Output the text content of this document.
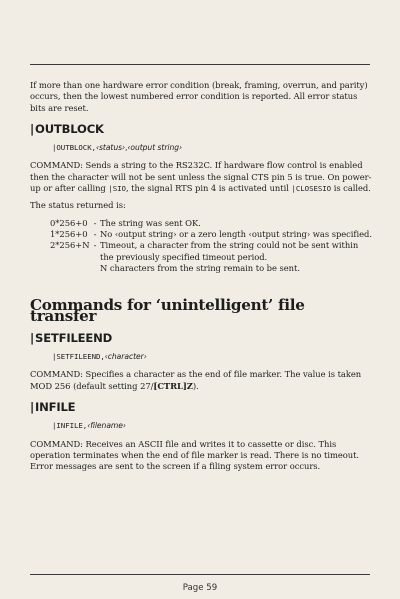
If more than one hardware error condition (break, framing, overrun, and parity) occurs, then the lowest numbered error condition is reported. All error status bits are reset.

|OUTBLOCK
|OUTBLOCK,‹status›,‹output string›

COMMAND: Sends a string to the RS232C. If hardware flow control is enabled then the character will not be sent unless the signal CTS pin 5 is true. On power-up or after calling |SIO, the signal RTS pin 4 is activated until |CLOSESIO is called.

The status returned is:

0*256+0 - The string was sent OK.
1*256+0 - No ‹output string› or a zero length ‹output string› was specified.
2*256+N - Timeout, a character from the string could not be sent within the previously specified timeout period.
N characters from the string remain to be sent.
Commands for ‘unintelligent’ file transfer
|SETFILEEND
|SETFILEEND,‹character›

COMMAND: Specifies a character as the end of file marker. The value is taken MOD 256 (default setting 27/[CTRL]Z).

|INFILE
|INFILE,‹filename›

COMMAND: Receives an ASCII file and writes it to cassette or disc. This operation terminates when the end of file marker is read. There is no timeout. Error messages are sent to the screen if a filing system error occurs.

Page 59
